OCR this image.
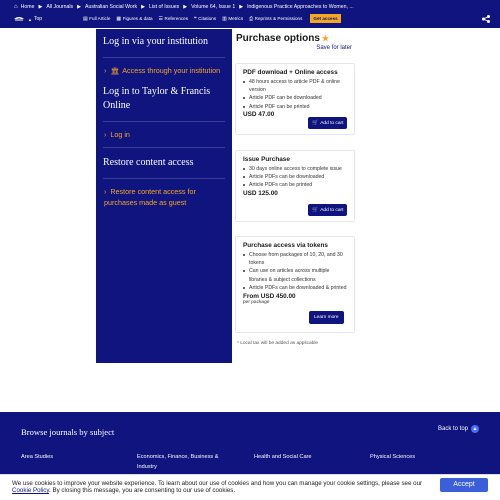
⌂ Home ▶ All Journals ▶ Australian Social Work ▶ List of Issues ▶ Volume 64, Issue 1 ▶ Indigenous Practice Approaches to Women, ...
▲ Top	▤ Full Article ▦ Figures & data ☰ References ❝ Citations ▥ Metrics ⎙ Reprints & Permissions	Get access
Log in via your institution
› 🏛 Access through your institution
Log in to Taylor & Francis Online
› Log in
Restore content access
› Restore content access for purchases made as guest
Purchase options ★
Save for later
PDF download + Online access
48 hours access to article PDF & online version
Article PDF can be downloaded
Article PDF can be printed
USD 47.00
🛒 Add to cart
Issue Purchase
30 days online access to complete issue
Article PDFs can be downloaded
Article PDFs can be printed
USD 125.00
🛒 Add to cart
Purchase access via tokens
Choose from packages of 10, 20, and 30 tokens
Can use on articles across multiple libraries & subject collections
Article PDFs can be downloaded & printed
From USD 450.00
per package
Learn more
* Local tax will be added as applicable
Browse journals by subject	Back to top ▲
Area Studies	Economics, Finance, Business & Industry
Health and Social Care	Physical Sciences
We use cookies to improve your website experience. To learn about our use of cookies and how you can manage your cookie settings, please see our Cookie Policy. By closing this message, you are consenting to our use of cookies.
Accept
